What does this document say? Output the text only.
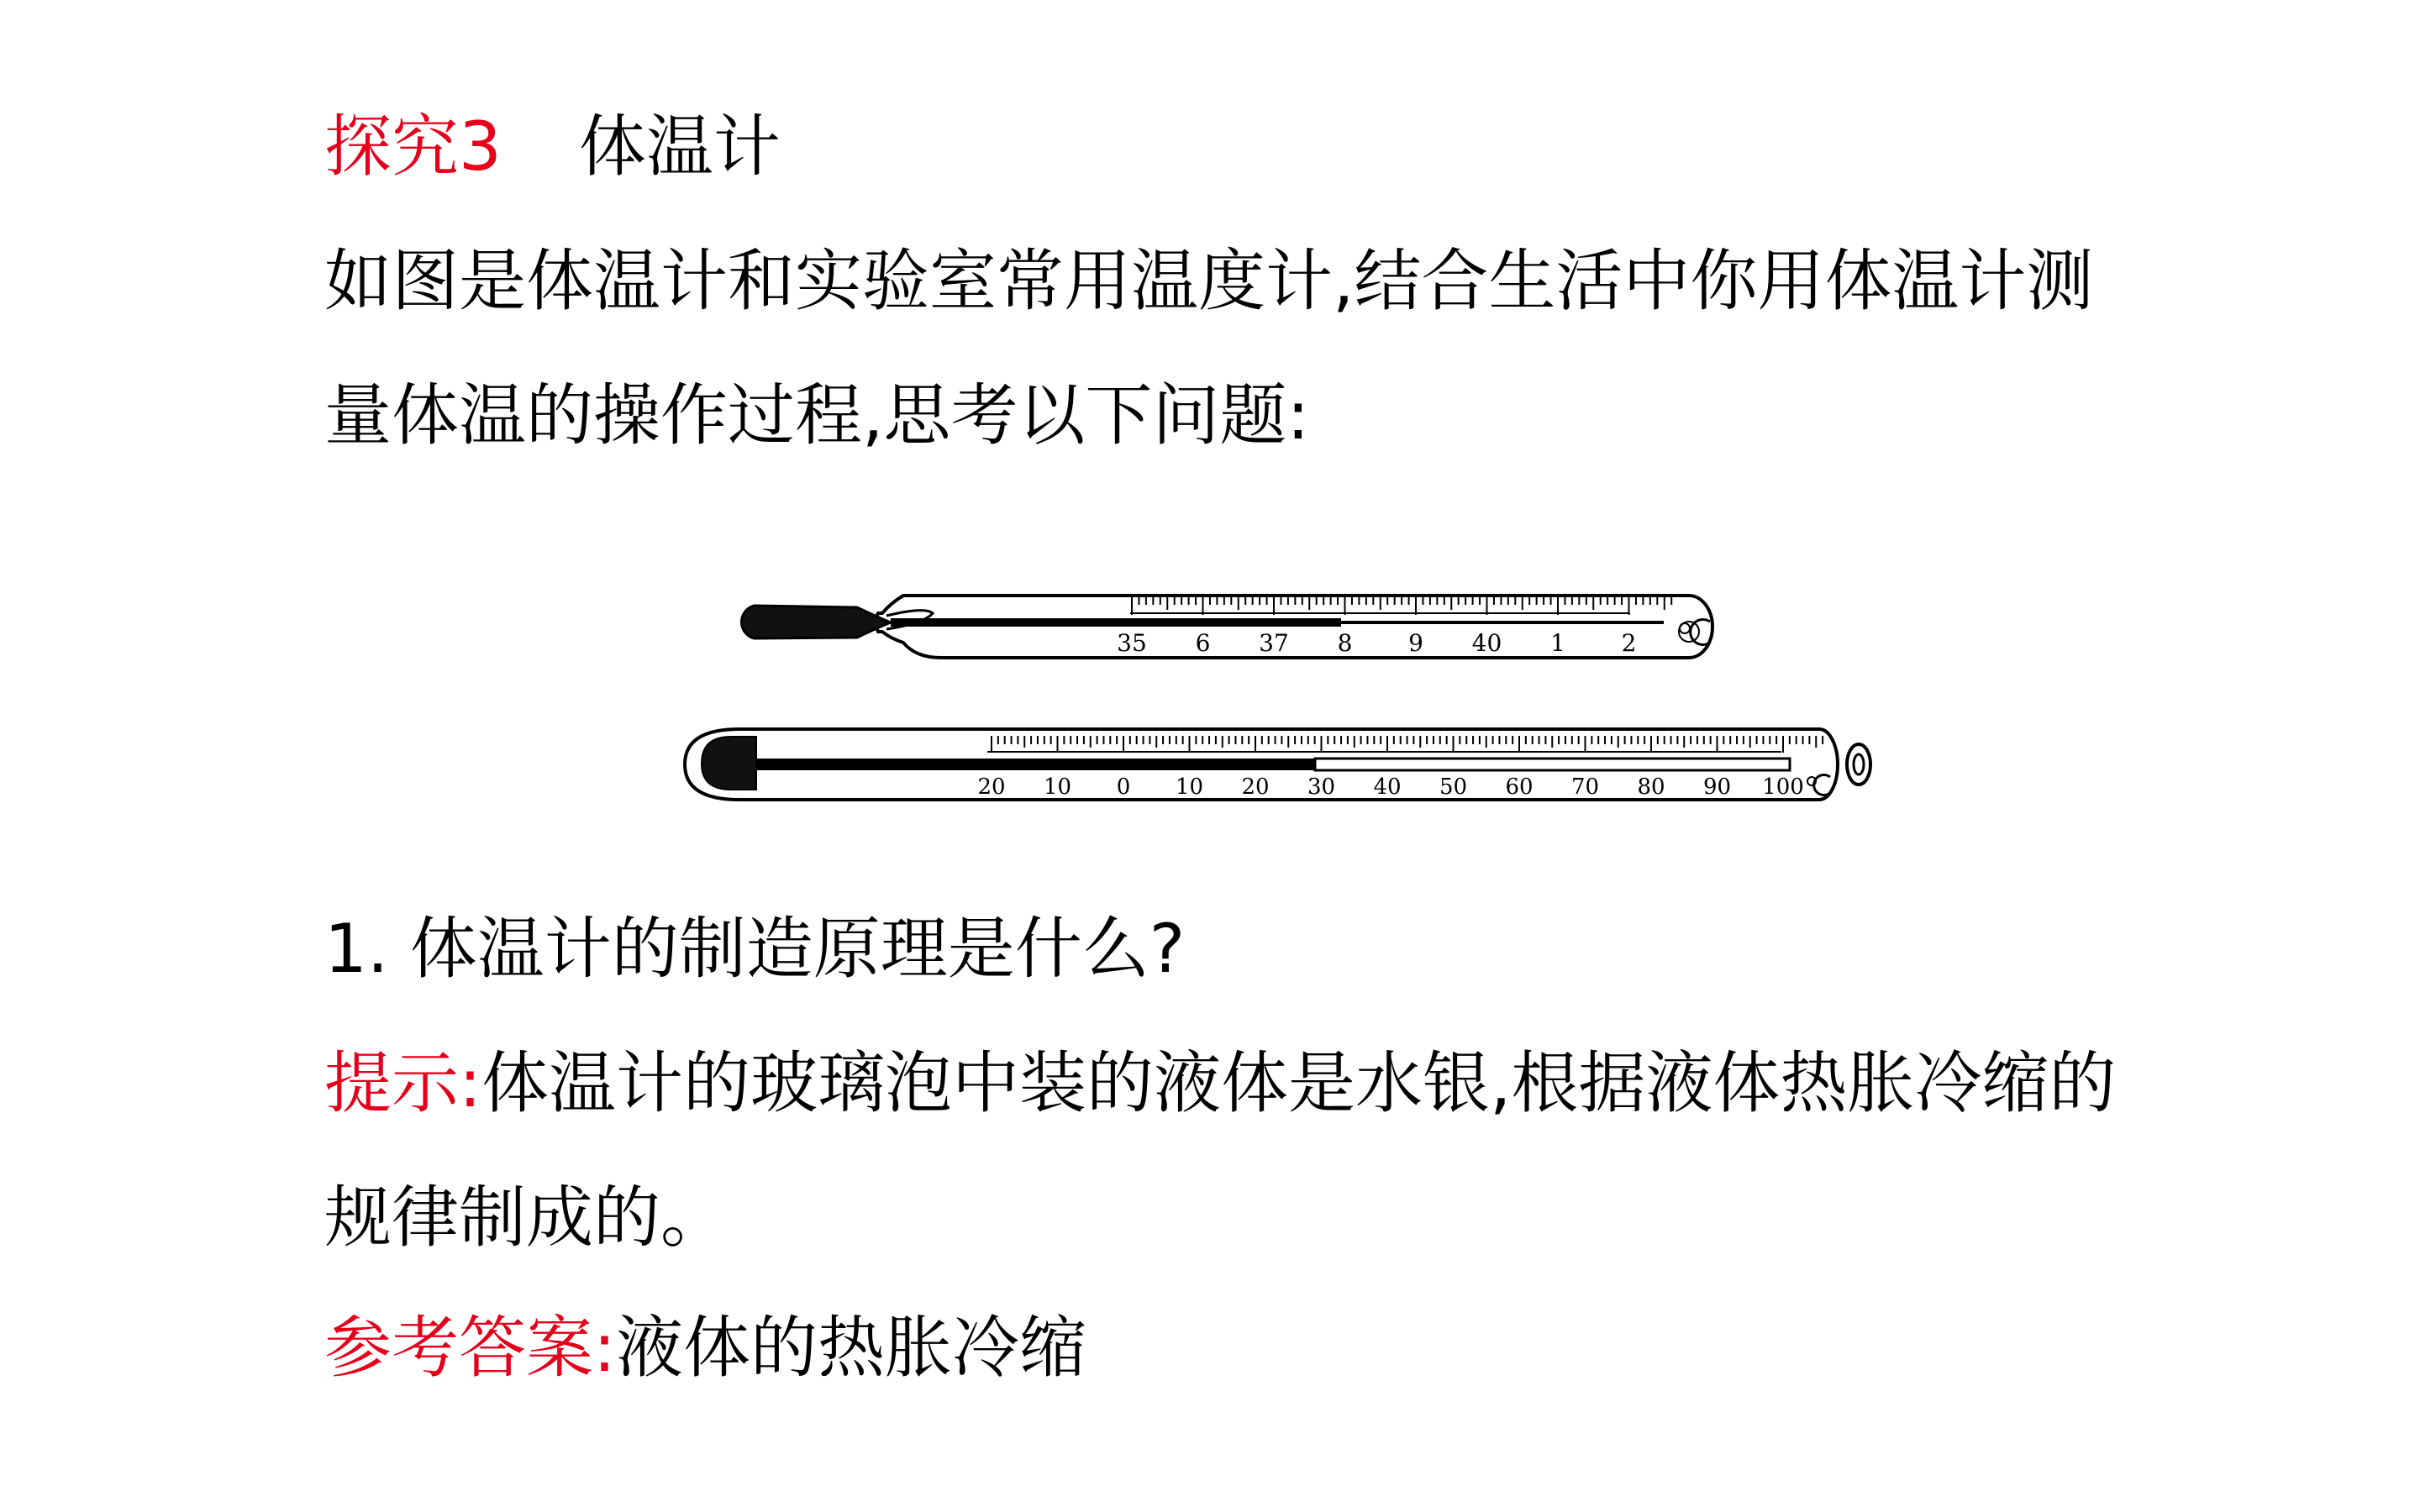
探究3 体温计
如图是体温计和实验室常用温度计,结合生活中你用体温计测
量体温的操作过程,思考以下问题:
35 6 37 8 9 40 1 2
20 10 0 10 20 30 40 50 60 70 80 90 100
1. 体温计的制造原理是什么?
提示:体温计的玻璃泡中装的液体是水银,根据液体热胀冷缩的
规律制成的。
参考答案:液体的热胀冷缩
